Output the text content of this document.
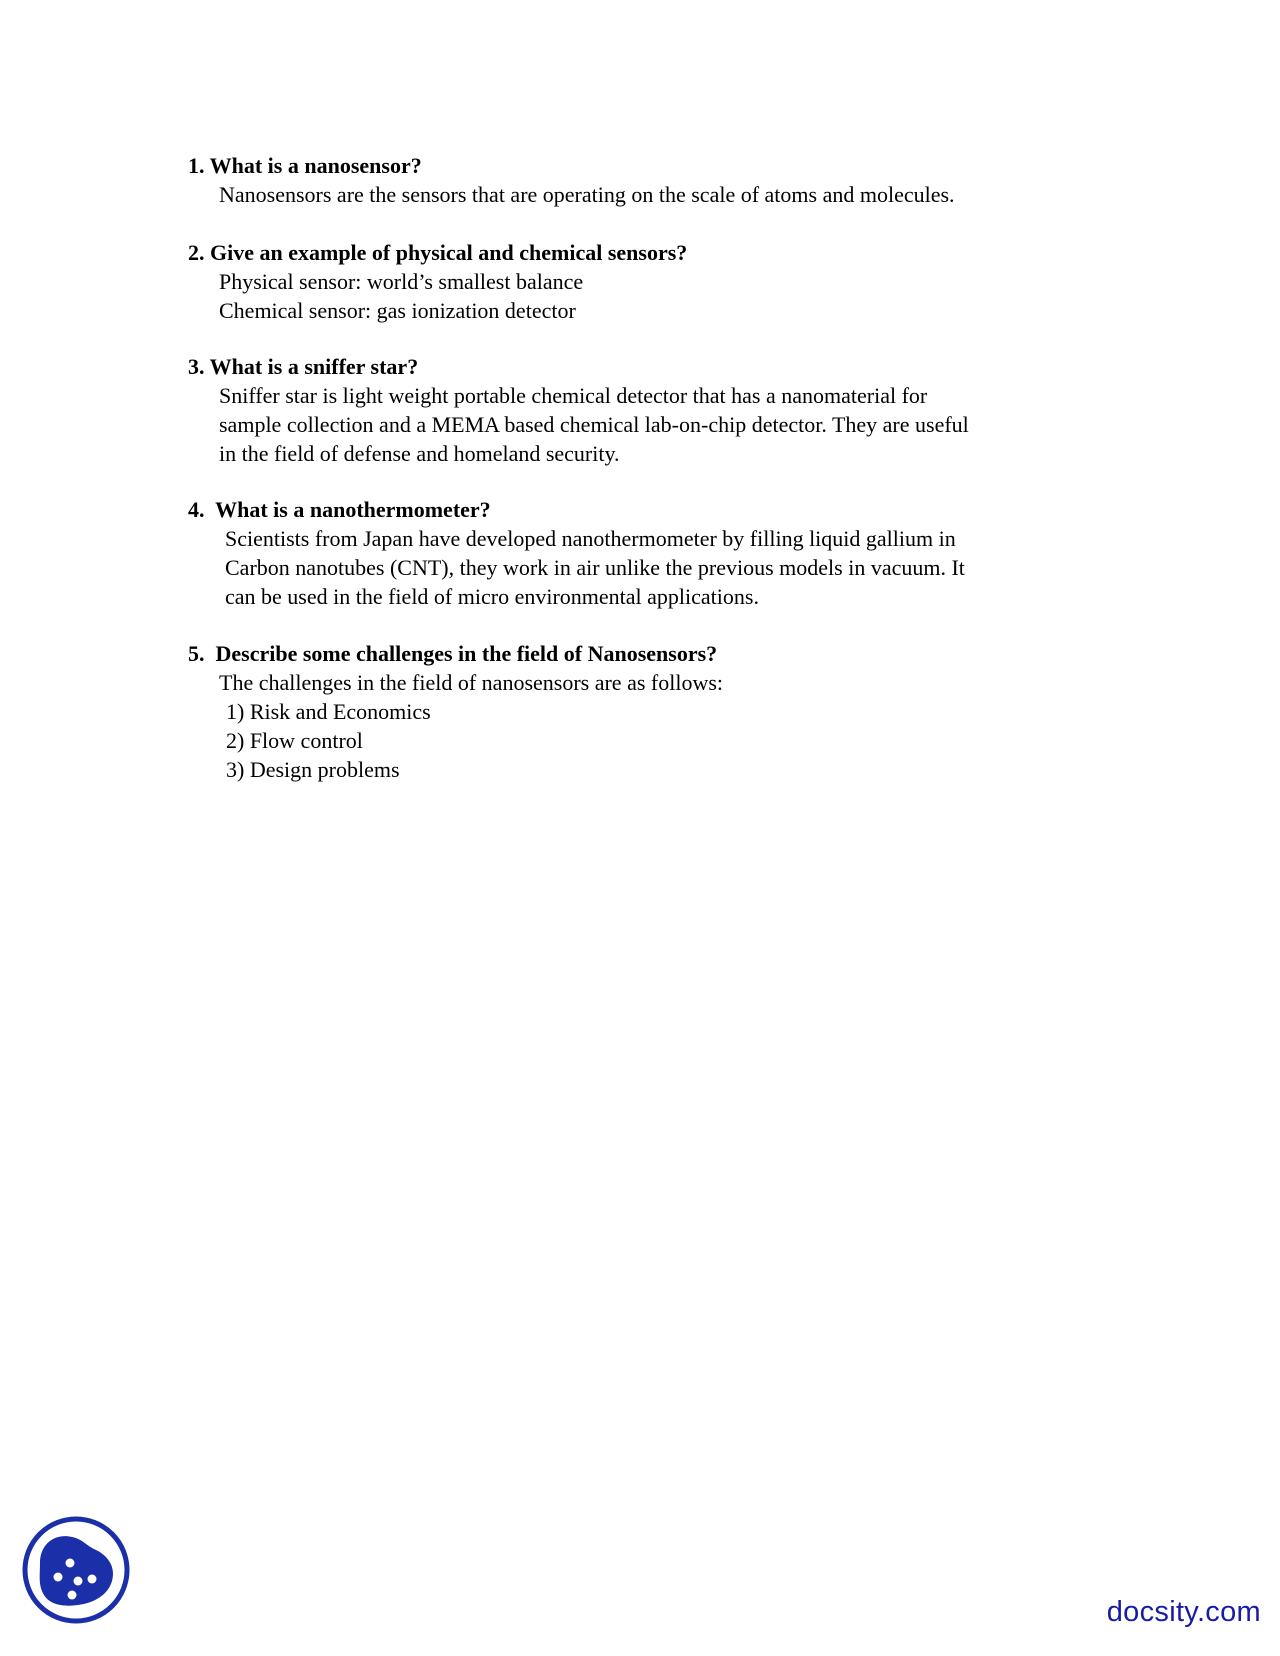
1. What is a nanosensor?
Nanosensors are the sensors that are operating on the scale of atoms and molecules.
2. Give an example of physical and chemical sensors?
Physical sensor: world’s smallest balance
Chemical sensor: gas ionization detector
3. What is a sniffer star?
Sniffer star is light weight portable chemical detector that has a nanomaterial for
sample collection and a MEMA based chemical lab-on-chip detector. They are useful
in the field of defense and homeland security.
4. What is a nanothermometer?
Scientists from Japan have developed nanothermometer by filling liquid gallium in
Carbon nanotubes (CNT), they work in air unlike the previous models in vacuum. It
can be used in the field of micro environmental applications.
5. Describe some challenges in the field of Nanosensors?
The challenges in the field of nanosensors are as follows:
1) Risk and Economics
2) Flow control
3) Design problems
docsity.com
